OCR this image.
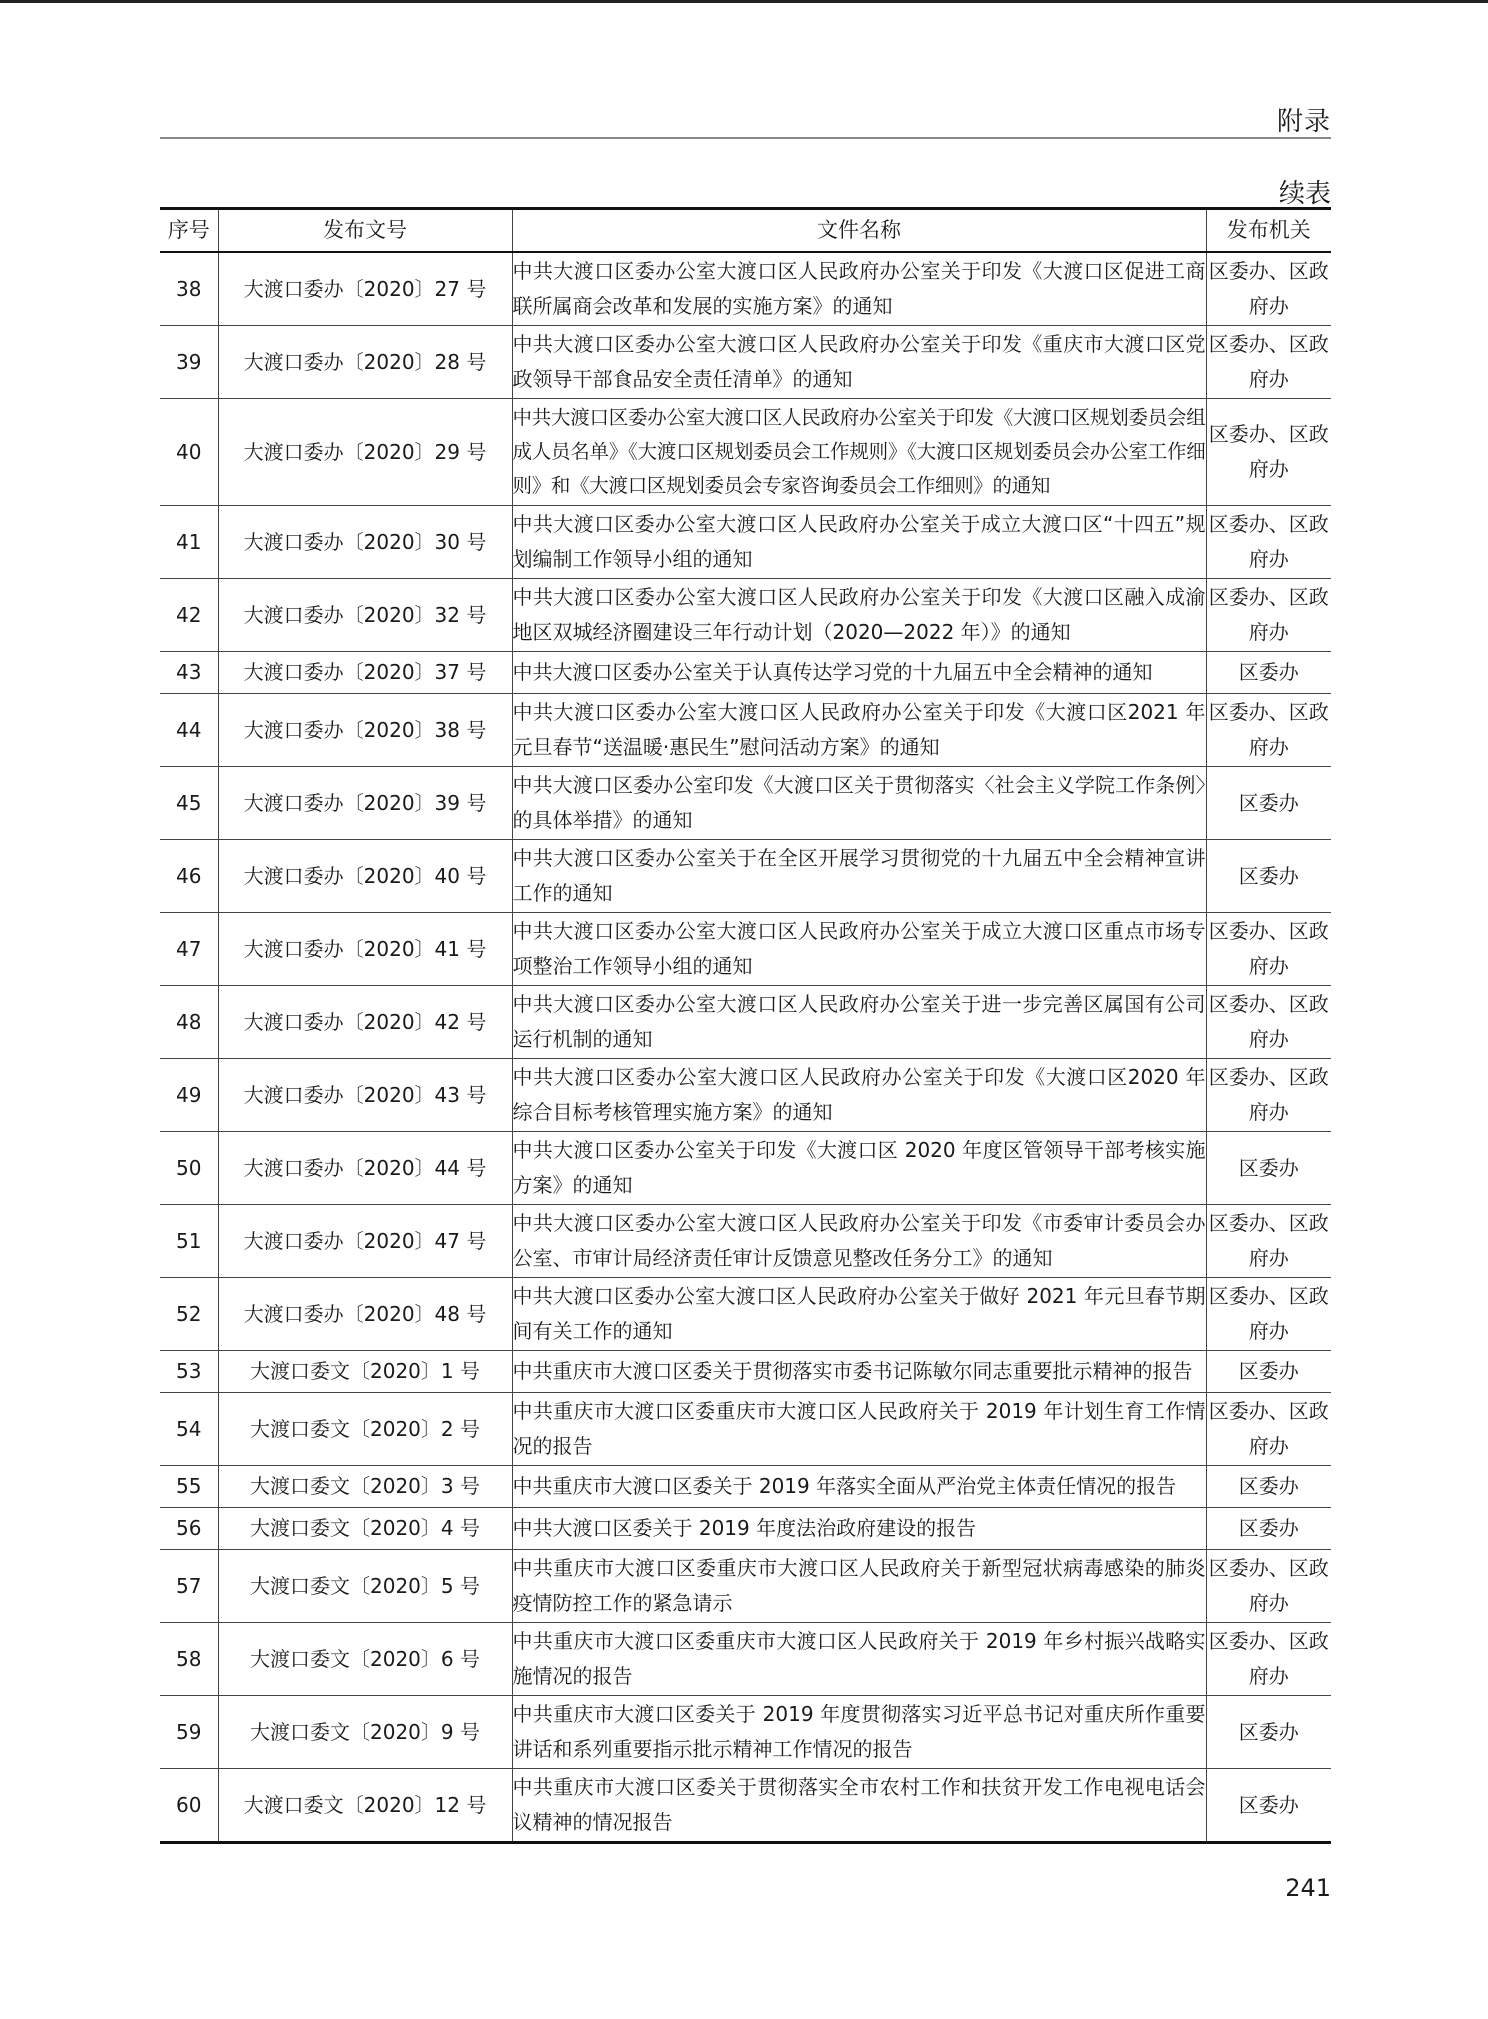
附录
续表
序号	发布文号	文件名称	发布机关
38	大渡口委办〔2020〕27 号	中共大渡口区委办公室大渡口区人民政府办公室关于印发《大渡口区促进工商联所属商会改革和发展的实施方案》的通知	区委办、区政府办
39	大渡口委办〔2020〕28 号	中共大渡口区委办公室大渡口区人民政府办公室关于印发《重庆市大渡口区党政领导干部食品安全责任清单》的通知	区委办、区政府办
40	大渡口委办〔2020〕29 号	中共大渡口区委办公室大渡口区人民政府办公室关于印发《大渡口区规划委员会组成人员名单》《大渡口区规划委员会工作规则》《大渡口区规划委员会办公室工作细则》和《大渡口区规划委员会专家咨询委员会工作细则》的通知	区委办、区政府办
41	大渡口委办〔2020〕30 号	中共大渡口区委办公室大渡口区人民政府办公室关于成立大渡口区“十四五”规划编制工作领导小组的通知	区委办、区政府办
42	大渡口委办〔2020〕32 号	中共大渡口区委办公室大渡口区人民政府办公室关于印发《大渡口区融入成渝地区双城经济圈建设三年行动计划（2020—2022 年）》的通知	区委办、区政府办
43	大渡口委办〔2020〕37 号	中共大渡口区委办公室关于认真传达学习党的十九届五中全会精神的通知	区委办
44	大渡口委办〔2020〕38 号	中共大渡口区委办公室大渡口区人民政府办公室关于印发《大渡口区2021 年元旦春节“送温暖·惠民生”慰问活动方案》的通知	区委办、区政府办
45	大渡口委办〔2020〕39 号	中共大渡口区委办公室印发《大渡口区关于贯彻落实〈社会主义学院工作条例〉的具体举措》的通知	区委办
46	大渡口委办〔2020〕40 号	中共大渡口区委办公室关于在全区开展学习贯彻党的十九届五中全会精神宣讲工作的通知	区委办
47	大渡口委办〔2020〕41 号	中共大渡口区委办公室大渡口区人民政府办公室关于成立大渡口区重点市场专项整治工作领导小组的通知	区委办、区政府办
48	大渡口委办〔2020〕42 号	中共大渡口区委办公室大渡口区人民政府办公室关于进一步完善区属国有公司运行机制的通知	区委办、区政府办
49	大渡口委办〔2020〕43 号	中共大渡口区委办公室大渡口区人民政府办公室关于印发《大渡口区2020 年综合目标考核管理实施方案》的通知	区委办、区政府办
50	大渡口委办〔2020〕44 号	中共大渡口区委办公室关于印发《大渡口区 2020 年度区管领导干部考核实施方案》的通知	区委办
51	大渡口委办〔2020〕47 号	中共大渡口区委办公室大渡口区人民政府办公室关于印发《市委审计委员会办公室、市审计局经济责任审计反馈意见整改任务分工》的通知	区委办、区政府办
52	大渡口委办〔2020〕48 号	中共大渡口区委办公室大渡口区人民政府办公室关于做好 2021 年元旦春节期间有关工作的通知	区委办、区政府办
53	大渡口委文〔2020〕1 号	中共重庆市大渡口区委关于贯彻落实市委书记陈敏尔同志重要批示精神的报告	区委办
54	大渡口委文〔2020〕2 号	中共重庆市大渡口区委重庆市大渡口区人民政府关于 2019 年计划生育工作情况的报告	区委办、区政府办
55	大渡口委文〔2020〕3 号	中共重庆市大渡口区委关于 2019 年落实全面从严治党主体责任情况的报告	区委办
56	大渡口委文〔2020〕4 号	中共大渡口区委关于 2019 年度法治政府建设的报告	区委办
57	大渡口委文〔2020〕5 号	中共重庆市大渡口区委重庆市大渡口区人民政府关于新型冠状病毒感染的肺炎疫情防控工作的紧急请示	区委办、区政府办
58	大渡口委文〔2020〕6 号	中共重庆市大渡口区委重庆市大渡口区人民政府关于 2019 年乡村振兴战略实施情况的报告	区委办、区政府办
59	大渡口委文〔2020〕9 号	中共重庆市大渡口区委关于 2019 年度贯彻落实习近平总书记对重庆所作重要讲话和系列重要指示批示精神工作情况的报告	区委办
60	大渡口委文〔2020〕12 号	中共重庆市大渡口区委关于贯彻落实全市农村工作和扶贫开发工作电视电话会议精神的情况报告	区委办
241
